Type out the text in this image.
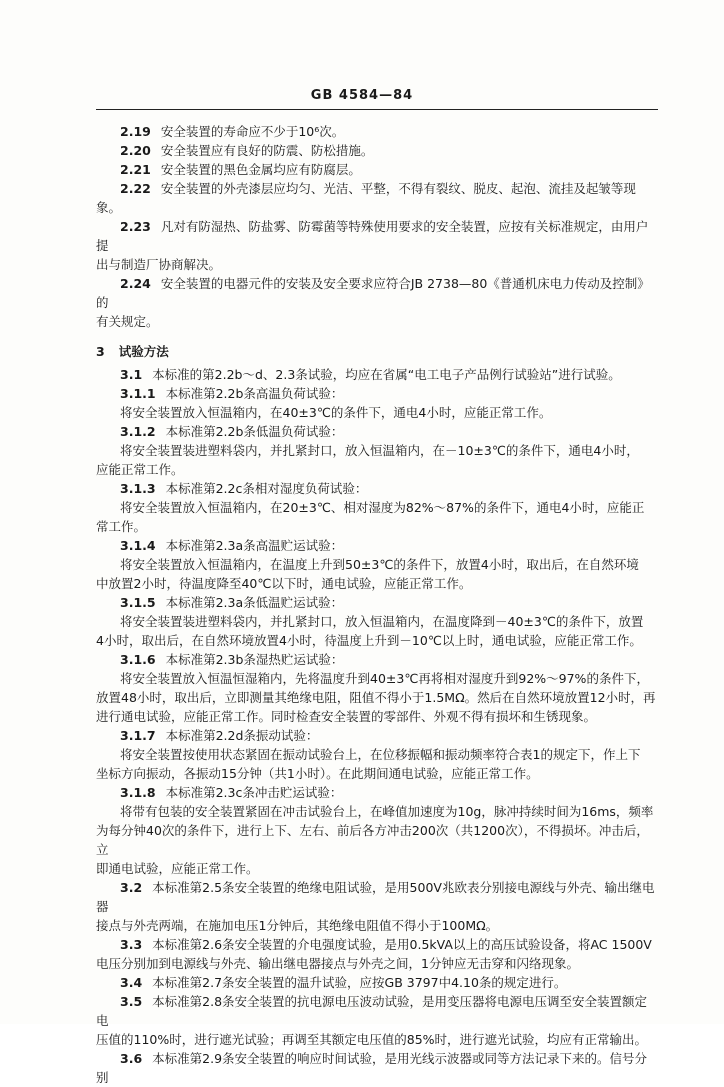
GB 4584—84
2.19 安全装置的寿命应不少于10⁶次。
2.20 安全装置应有良好的防震、防松措施。
2.21 安全装置的黑色金属均应有防腐层。
2.22 安全装置的外壳漆层应均匀、光洁、平整，不得有裂纹、脱皮、起泡、流挂及起皱等现象。
2.23 凡对有防湿热、防盐雾、防霉菌等特殊使用要求的安全装置，应按有关标准规定，由用户提
出与制造厂协商解决。
2.24 安全装置的电器元件的安装及安全要求应符合JB 2738—80《普通机床电力传动及控制》的
有关规定。
3 试验方法
3.1 本标准的第2.2b～d、2.3条试验，均应在省属“电工电子产品例行试验站”进行试验。
3.1.1 本标准第2.2b条高温负荷试验：
将安全装置放入恒温箱内，在40±3℃的条件下，通电4小时，应能正常工作。
3.1.2 本标准第2.2b条低温负荷试验：
将安全装置装进塑料袋内，并扎紧封口，放入恒温箱内，在－10±3℃的条件下，通电4小时，
应能正常工作。
3.1.3 本标准第2.2c条相对湿度负荷试验：
将安全装置放入恒温箱内，在20±3℃、相对湿度为82%～87%的条件下，通电4小时，应能正
常工作。
3.1.4 本标准第2.3a条高温贮运试验：
将安全装置放入恒温箱内，在温度上升到50±3℃的条件下，放置4小时，取出后，在自然环境
中放置2小时，待温度降至40℃以下时，通电试验，应能正常工作。
3.1.5 本标准第2.3a条低温贮运试验：
将安全装置装进塑料袋内，并扎紧封口，放入恒温箱内，在温度降到－40±3℃的条件下，放置
4小时，取出后，在自然环境放置4小时，待温度上升到－10℃以上时，通电试验，应能正常工作。
3.1.6 本标准第2.3b条湿热贮运试验：
将安全装置放入恒温恒湿箱内，先将温度升到40±3℃再将相对湿度升到92%～97%的条件下，
放置48小时，取出后，立即测量其绝缘电阻，阻值不得小于1.5MΩ。然后在自然环境放置12小时，再
进行通电试验，应能正常工作。同时检查安全装置的零部件、外观不得有损坏和生锈现象。
3.1.7 本标准第2.2d条振动试验：
将安全装置按使用状态紧固在振动试验台上，在位移振幅和振动频率符合表1的规定下，作上下
坐标方向振动，各振动15分钟（共1小时）。在此期间通电试验，应能正常工作。
3.1.8 本标准第2.3c条冲击贮运试验：
将带有包装的安全装置紧固在冲击试验台上，在峰值加速度为10g，脉冲持续时间为16ms，频率
为每分钟40次的条件下，进行上下、左右、前后各方冲击200次（共1200次），不得损坏。冲击后，立
即通电试验，应能正常工作。
3.2 本标准第2.5条安全装置的绝缘电阻试验，是用500V兆欧表分别接电源线与外壳、输出继电器
接点与外壳两端，在施加电压1分钟后，其绝缘电阻值不得小于100MΩ。
3.3 本标准第2.6条安全装置的介电强度试验，是用0.5kVA以上的高压试验设备，将AC 1500V
电压分别加到电源线与外壳、输出继电器接点与外壳之间，1分钟应无击穿和闪络现象。
3.4 本标准第2.7条安全装置的温升试验，应按GB 3797中4.10条的规定进行。
3.5 本标准第2.8条安全装置的抗电源电压波动试验，是用变压器将电源电压调至安全装置额定电
压值的110%时，进行遮光试验；再调至其额定电压值的85%时，进行遮光试验，均应有正常输出。
3.6 本标准第2.9条安全装置的响应时间试验，是用光线示波器或同等方法记录下来的。信号分别
